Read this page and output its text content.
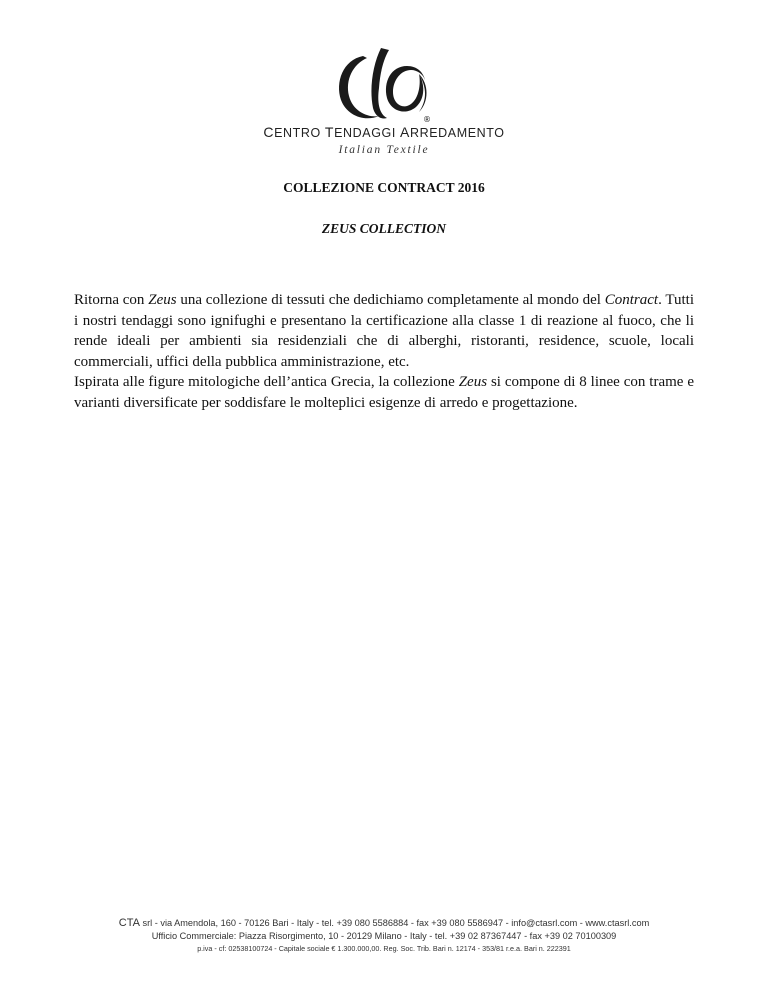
®
CENTRO TENDAGGI ARREDAMENTO
Italian Textile
COLLEZIONE CONTRACT 2016
ZEUS COLLECTION

Ritorna con Zeus una collezione di tessuti che dedichiamo completamente al mondo del Contract. Tutti i nostri tendaggi sono ignifughi e presentano la certificazione alla classe 1 di reazione al fuoco, che li rende ideali per ambienti sia residenziali che di alberghi, ristoranti, residence, scuole, locali commerciali, uffici della pubblica amministrazione, etc.

Ispirata alle figure mitologiche dell’antica Grecia, la collezione Zeus si compone di 8 linee con trame e varianti diversificate per soddisfare le molteplici esigenze di arredo e progettazione.

CTA srl - via Amendola, 160 - 70126 Bari - Italy - tel. +39 080 5586884 - fax +39 080 5586947 - info@ctasrl.com - www.ctasrl.com
Ufficio Commerciale: Piazza Risorgimento, 10 - 20129 Milano - Italy - tel. +39 02 87367447 - fax +39 02 70100309
p.iva - cf: 02538100724 - Capitale sociale € 1.300.000,00. Reg. Soc. Trib. Bari n. 12174 - 353/81 r.e.a. Bari n. 222391
